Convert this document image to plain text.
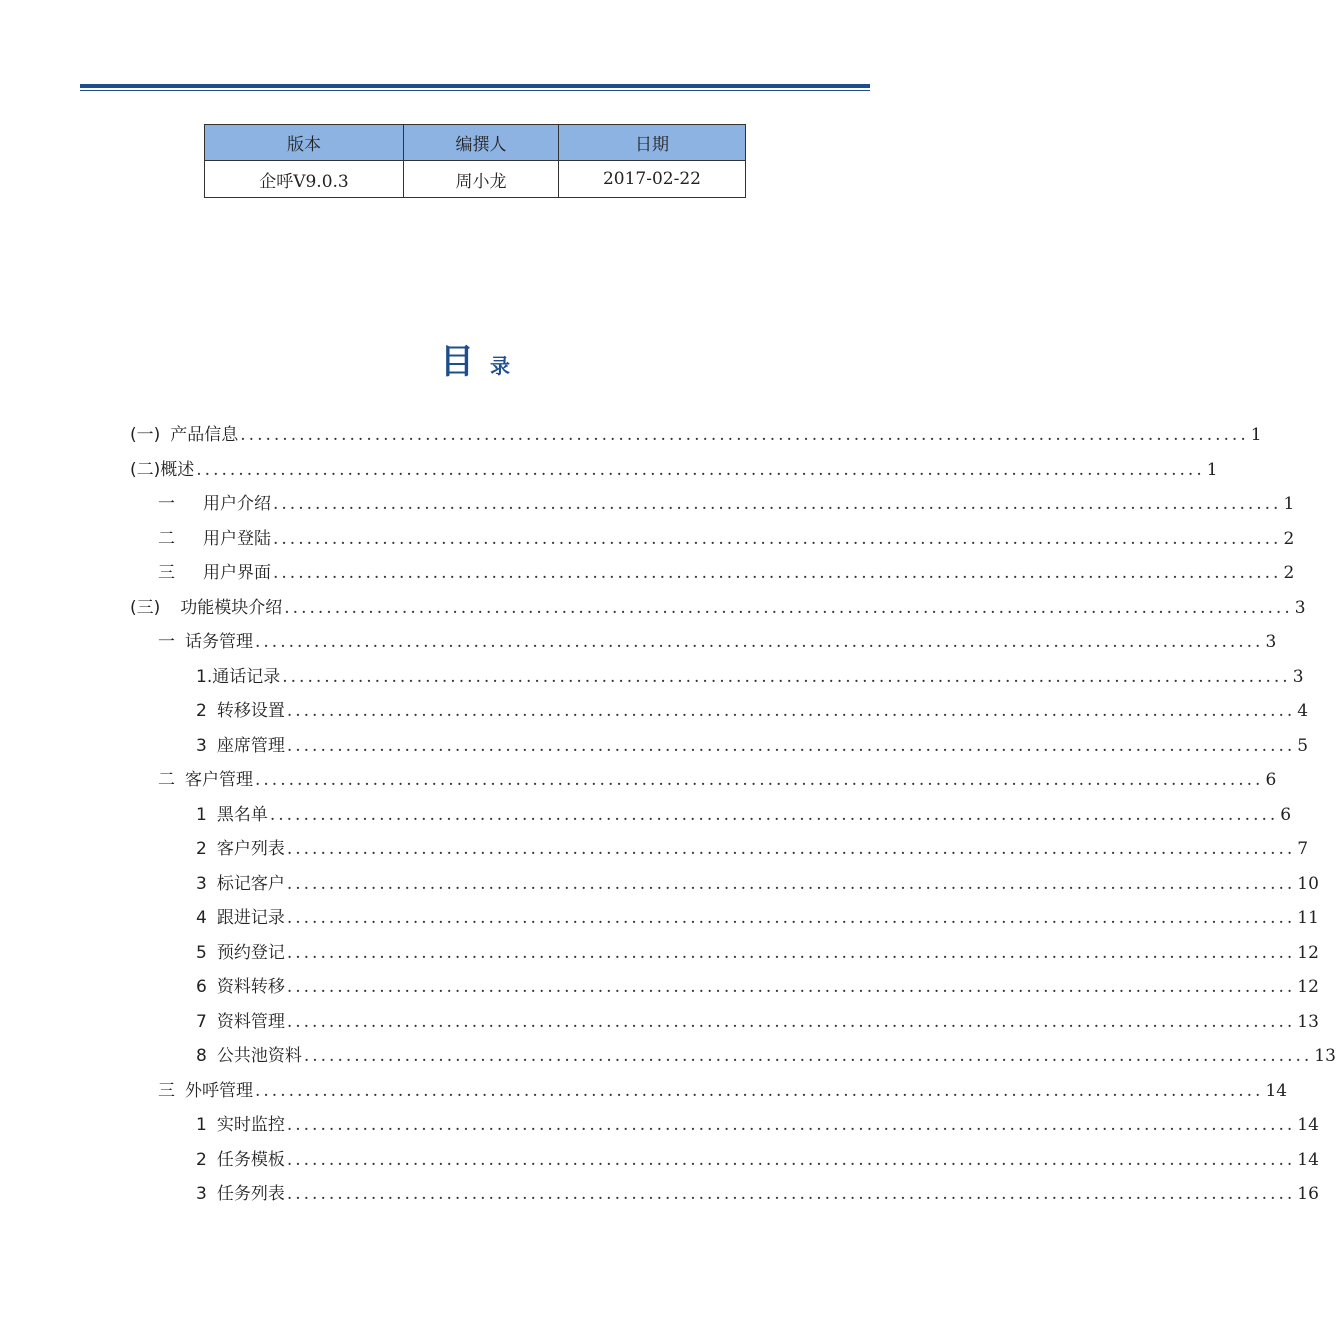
版本	编撰人	日期
企呼V9.0.3	周小龙	2017-02-22
目录
(一) 产品信息 ........................................................................................................................ 1
(二) 概述 ........................................................................................................................ 1
一 用户介绍 ........................................................................................................................ 1
二 用户登陆 ........................................................................................................................ 2
三 用户界面 ........................................................................................................................ 2
(三) 功能模块介绍 ........................................................................................................................ 3
一 话务管理 ........................................................................................................................ 3
1. 通话记录 ........................................................................................................................ 3
2 转移设置 ........................................................................................................................ 4
3 座席管理 ........................................................................................................................ 5
二 客户管理 ........................................................................................................................ 6
1 黑名单 ........................................................................................................................ 6
2 客户列表 ........................................................................................................................ 7
3 标记客户 ........................................................................................................................ 10
4 跟进记录 ........................................................................................................................ 11
5 预约登记 ........................................................................................................................ 12
6 资料转移 ........................................................................................................................ 12
7 资料管理 ........................................................................................................................ 13
8 公共池资料 ........................................................................................................................ 13
三 外呼管理 ........................................................................................................................ 14
1 实时监控 ........................................................................................................................ 14
2 任务模板 ........................................................................................................................ 14
3 任务列表 ........................................................................................................................ 16
